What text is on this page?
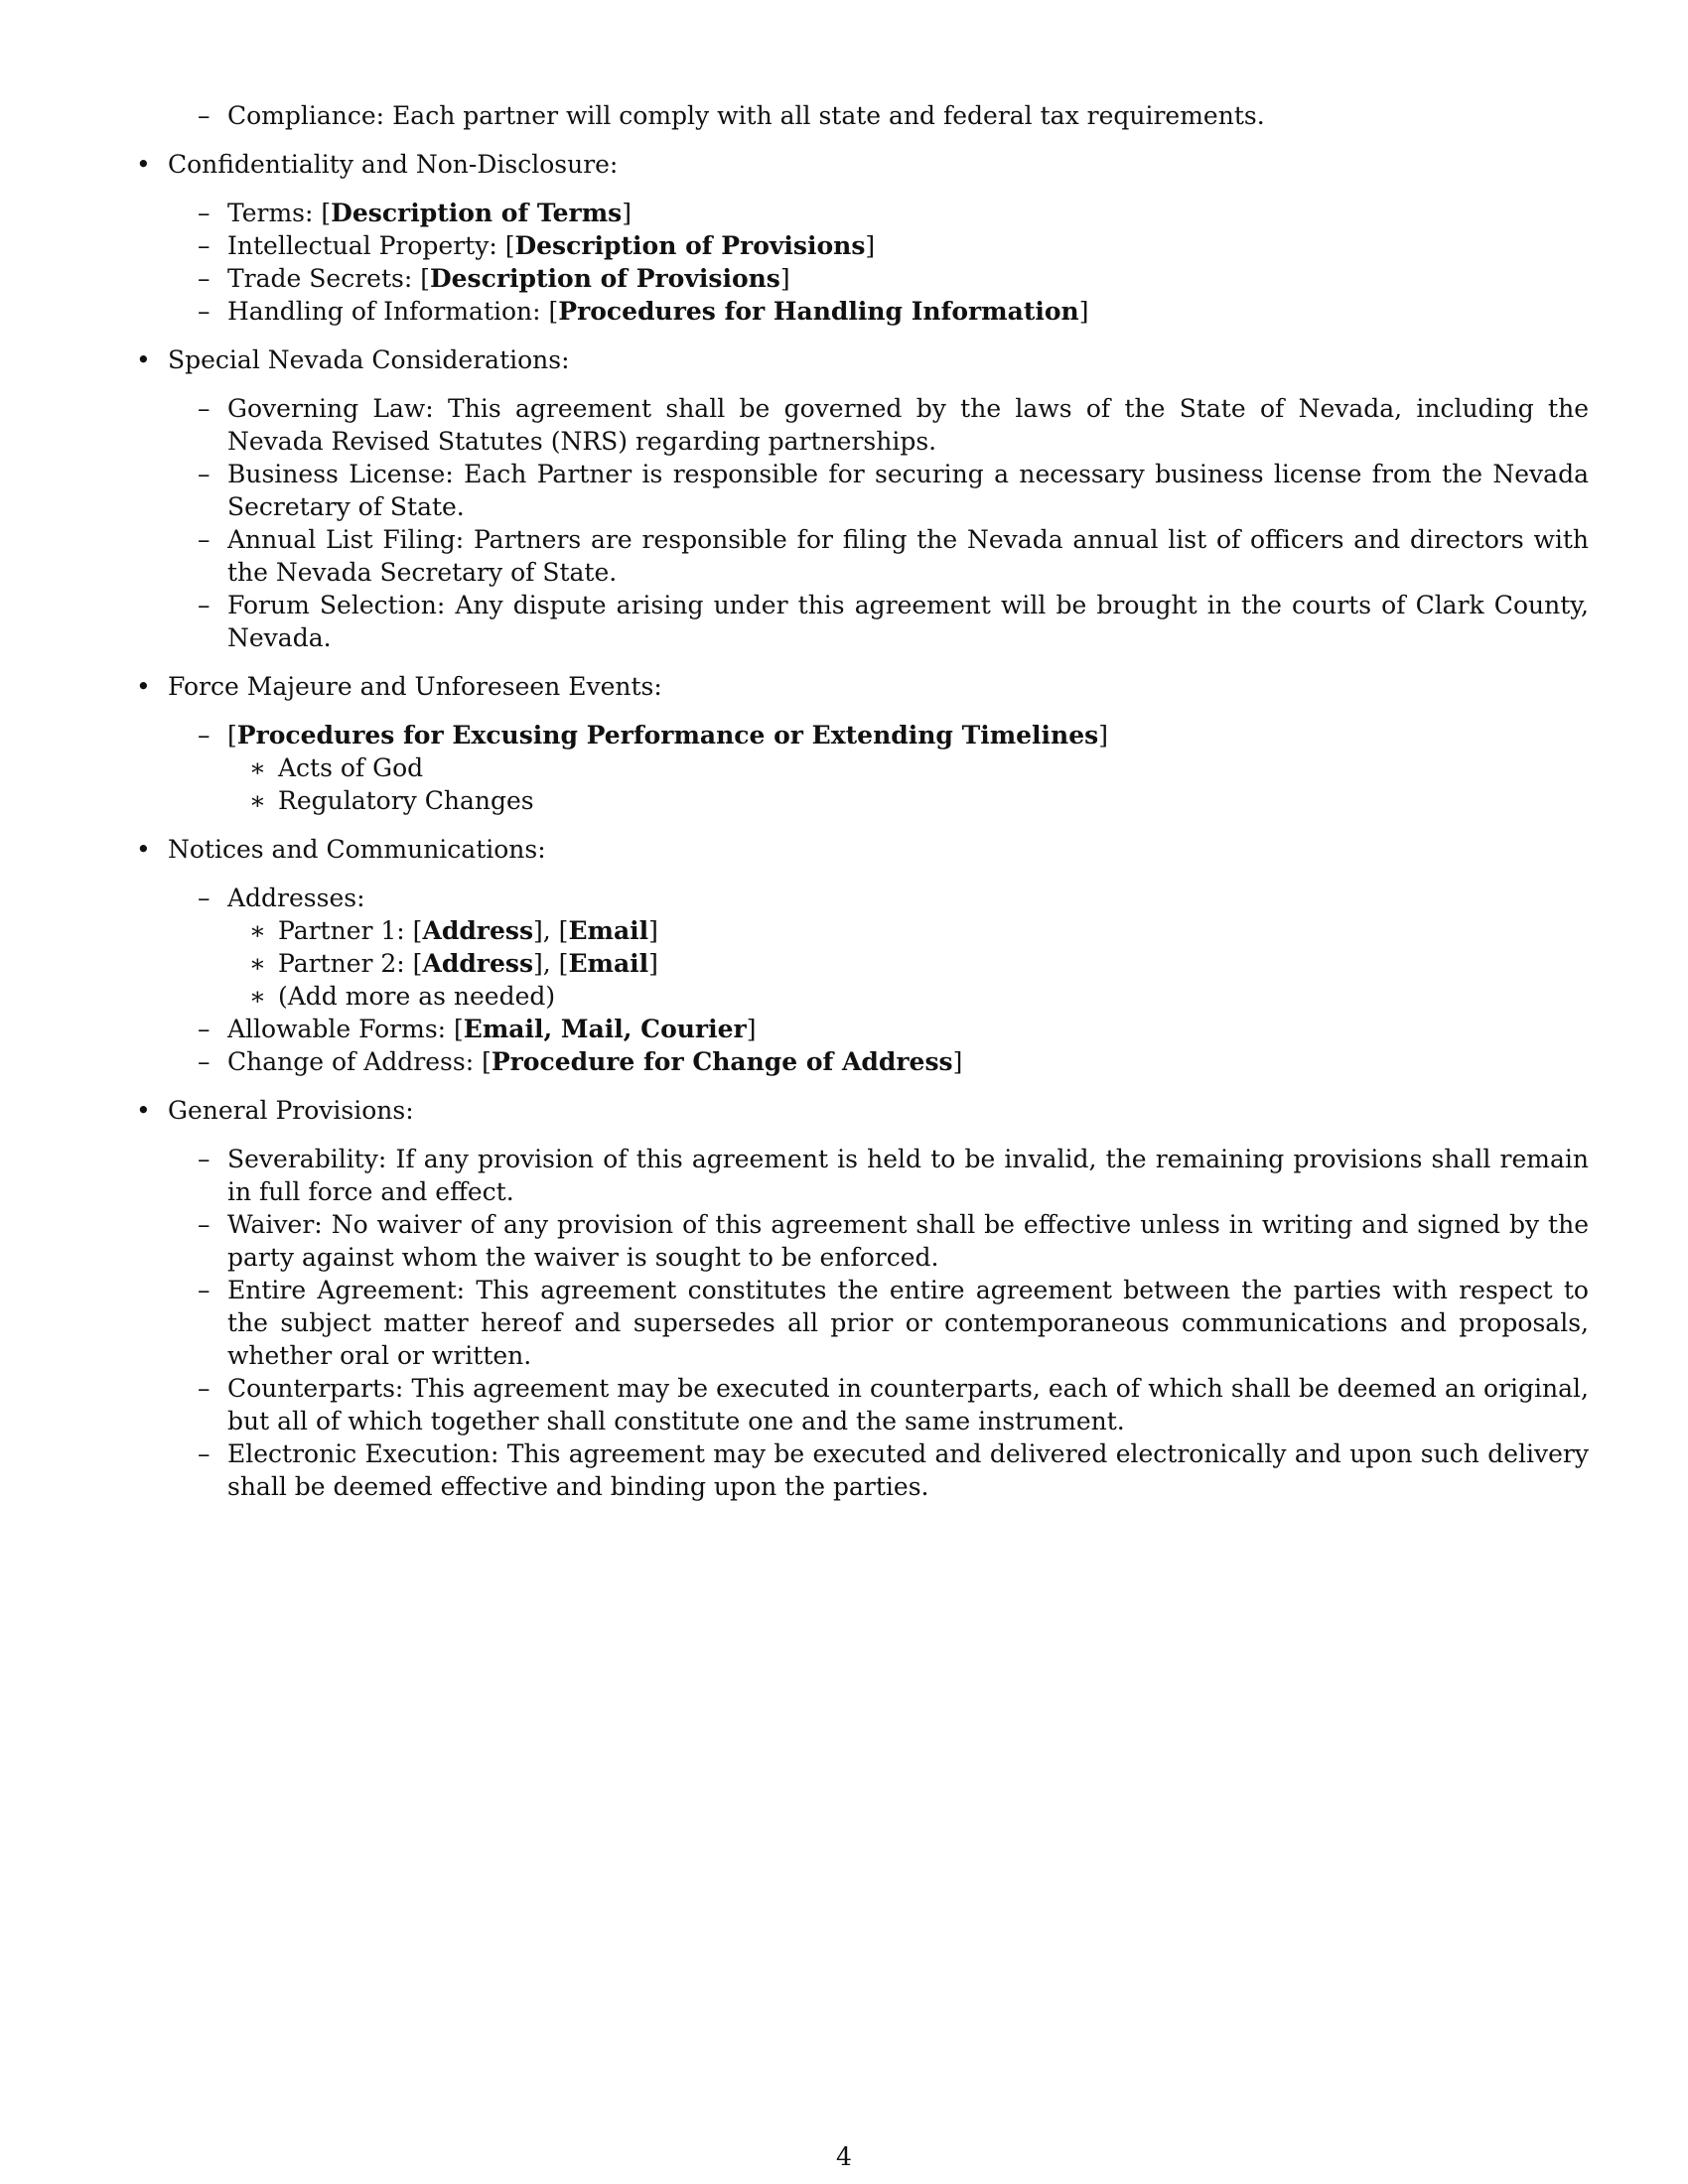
– Compliance: Each partner will comply with all state and federal tax requirements.
• Confidentiality and Non-Disclosure:
– Terms: [Description of Terms]
– Intellectual Property: [Description of Provisions]
– Trade Secrets: [Description of Provisions]
– Handling of Information: [Procedures for Handling Information]
• Special Nevada Considerations:
– Governing Law: This agreement shall be governed by the laws of the State of Nevada, including the Nevada Revised Statutes (NRS) regarding partnerships.
– Business License: Each Partner is responsible for securing a necessary business license from the Nevada Secretary of State.
– Annual List Filing: Partners are responsible for filing the Nevada annual list of officers and directors with the Nevada Secretary of State.
– Forum Selection: Any dispute arising under this agreement will be brought in the courts of Clark County, Nevada.
• Force Majeure and Unforeseen Events:
– [Procedures for Excusing Performance or Extending Timelines]
∗ Acts of God
∗ Regulatory Changes
• Notices and Communications:
– Addresses:
∗ Partner 1: [Address], [Email]
∗ Partner 2: [Address], [Email]
∗ (Add more as needed)
– Allowable Forms: [Email, Mail, Courier]
– Change of Address: [Procedure for Change of Address]
• General Provisions:
– Severability: If any provision of this agreement is held to be invalid, the remaining provisions shall remain in full force and effect.
– Waiver: No waiver of any provision of this agreement shall be effective unless in writing and signed by the party against whom the waiver is sought to be enforced.
– Entire Agreement: This agreement constitutes the entire agreement between the parties with respect to the subject matter hereof and supersedes all prior or contemporaneous communications and proposals, whether oral or written.
– Counterparts: This agreement may be executed in counterparts, each of which shall be deemed an original, but all of which together shall constitute one and the same instrument.
– Electronic Execution: This agreement may be executed and delivered electronically and upon such delivery shall be deemed effective and binding upon the parties.
4
